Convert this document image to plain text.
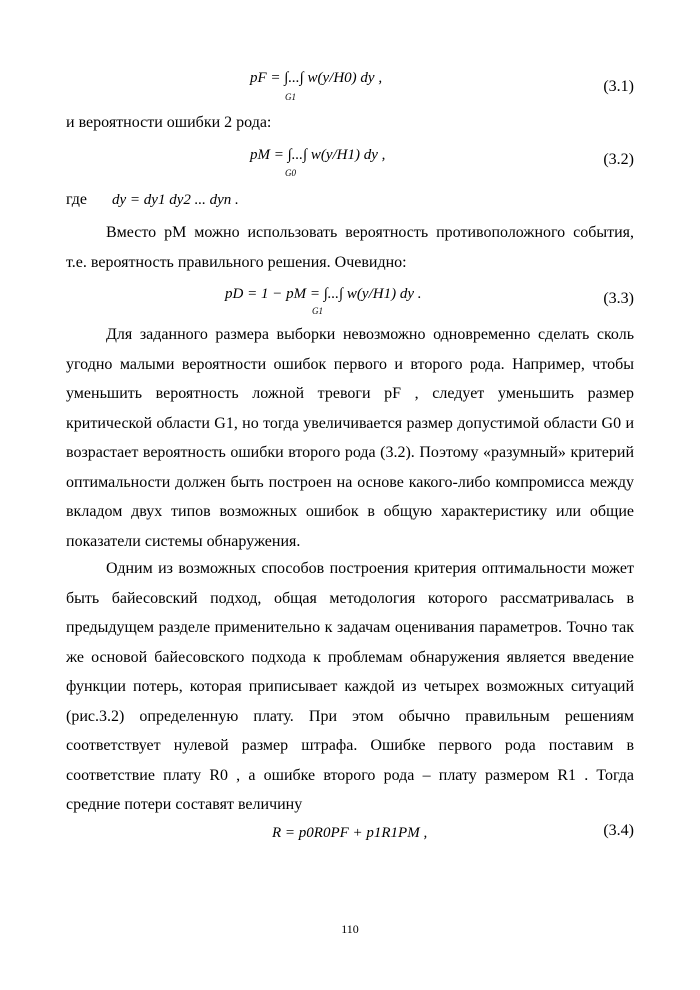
pF = ∫...∫ w(y/H0) dy ,
G1
(3.1)
и вероятности ошибки 2 рода:
pM = ∫...∫ w(y/H1) dy ,
G0
(3.2)
где dy = dy1 dy2 ... dyn .

Вместо pM можно использовать вероятность противоположного события, т.е. вероятность правильного решения. Очевидно:

pD = 1 − pM = ∫...∫ w(y/H1) dy .
G1
(3.3)

Для заданного размера выборки невозможно одновременно сделать сколь угодно малыми вероятности ошибок первого и второго рода. Например, чтобы уменьшить вероятность ложной тревоги pF , следует уменьшить размер критической области G1, но тогда увеличивается размер допустимой области G0 и возрастает вероятность ошибки второго рода (3.2). Поэтому «разумный» критерий оптимальности должен быть построен на основе какого-либо компромисса между вкладом двух типов возможных ошибок в общую характеристику или общие показатели системы обнаружения.

Одним из возможных способов построения критерия оптимальности может быть байесовский подход, общая методология которого рассматривалась в предыдущем разделе применительно к задачам оценивания параметров. Точно так же основой байесовского подхода к проблемам обнаружения является введение функции потерь, которая приписывает каждой из четырех возможных ситуаций (рис.3.2) определенную плату. При этом обычно правильным решениям соответствует нулевой размер штрафа. Ошибке первого рода поставим в соответствие плату R0 , а ошибке второго рода – плату размером R1 . Тогда средние потери составят величину

R = p0R0PF + p1R1PM ,	(3.4)
110
